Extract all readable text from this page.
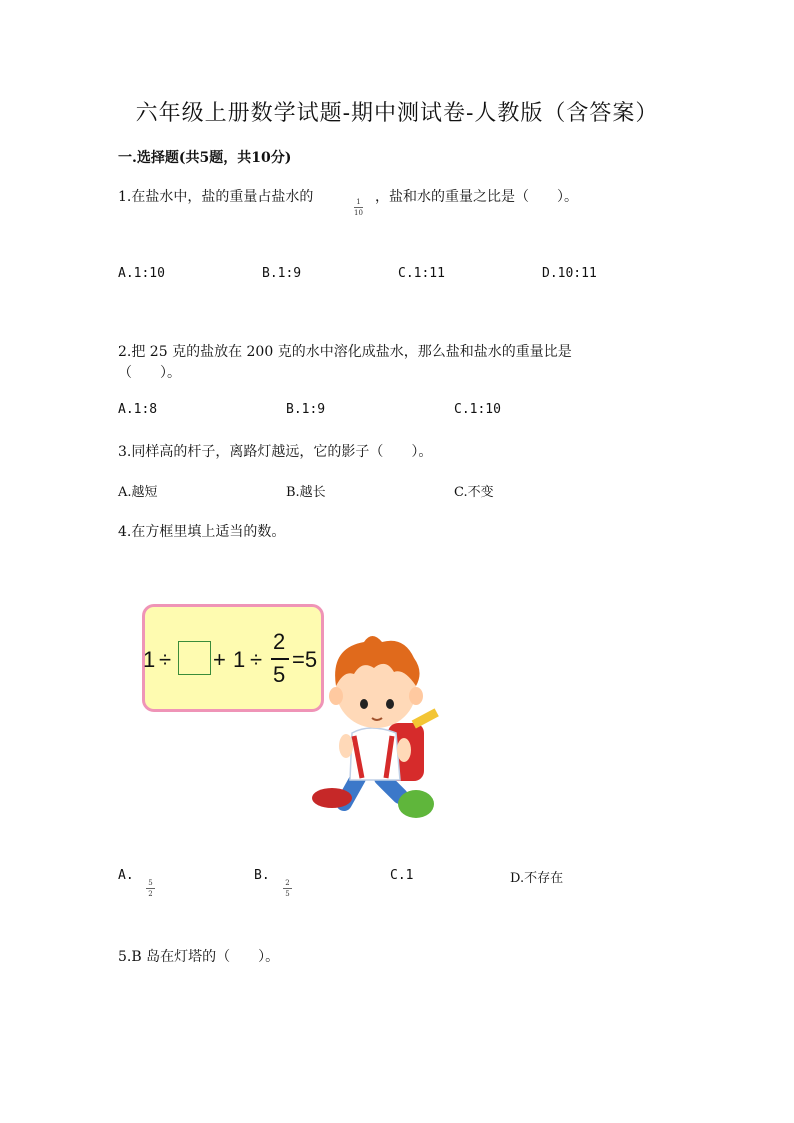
六年级上册数学试题-期中测试卷-人教版（含答案）
一.选择题(共5题，共10分)
1.在盐水中，盐的重量占盐水的	1
10
，盐和水的重量之比是（　　）。
A.1:10	B.1:9	C.1:11	D.10:11
2.把 25 克的盐放在 200 克的水中溶化成盐水，那么盐和盐水的重量比是
（　　）。
A.1:8	B.1:9	C.1:10
3.同样高的杆子，离路灯越远，它的影子（　　）。
A.越短	B.越长	C.不变
4.在方框里填上适当的数。
1 ÷ + 1 ÷
2
5
=5
A. 5
2
B. 2
5
C.1	D.不存在
5.B 岛在灯塔的（　　）。
